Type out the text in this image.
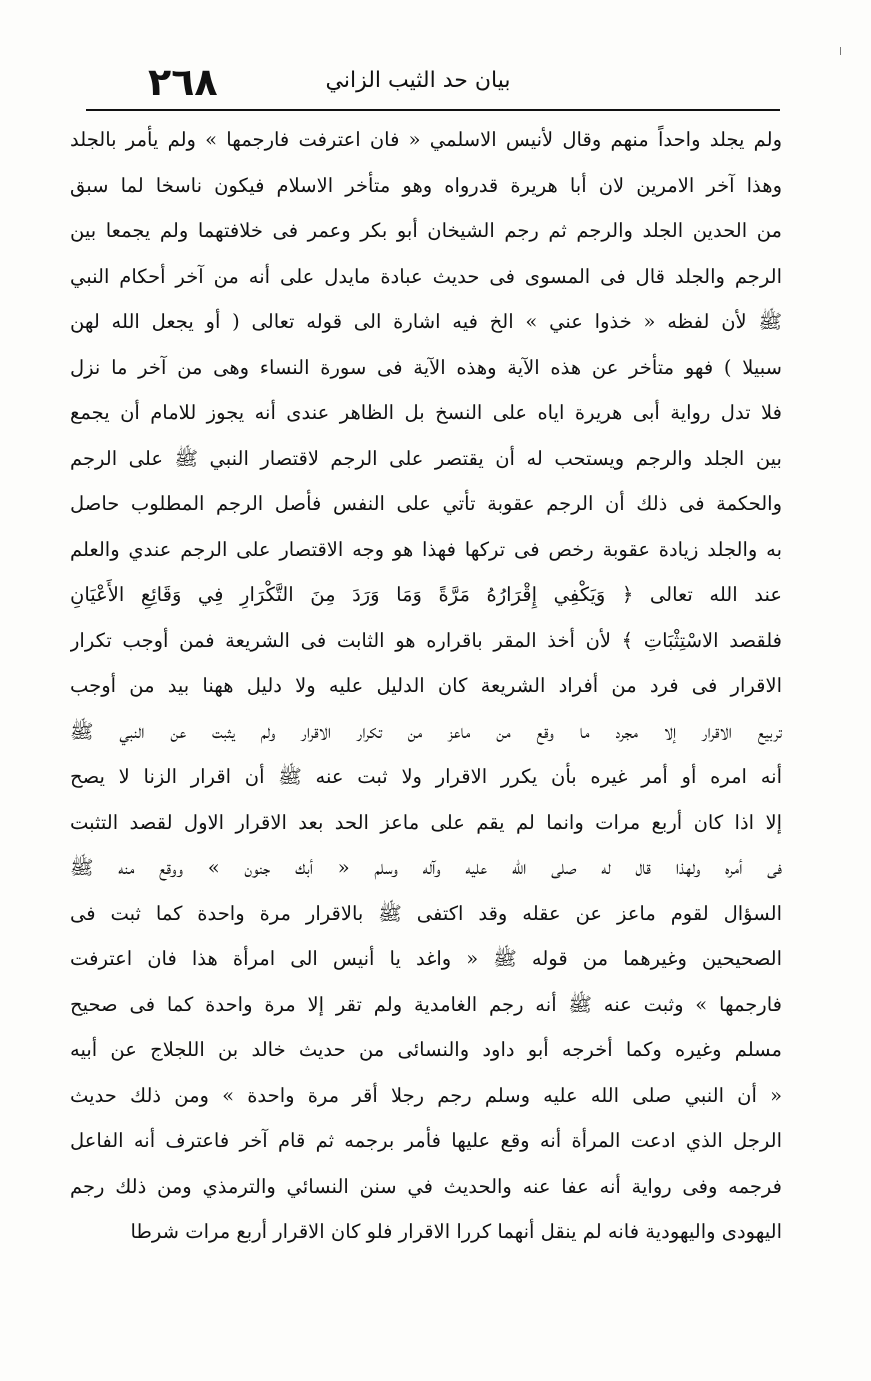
٢٦٨	بيان حد الثيب الزاني
ولم يجلد واحداً منهم وقال لأنيس الاسلمي « فان اعترفت فارجمها » ولم يأمر بالجلد
وهذا آخر الامرين لان أبا هريرة قدرواه وهو متأخر الاسلام فيكون ناسخا لما سبق
من الحدين الجلد والرجم ثم رجم الشيخان أبو بكر وعمر فى خلافتهما ولم يجمعا بين
الرجم والجلد قال فى المسوى فى حديث عبادة مايدل على أنه من آخر أحكام النبي
ﷺ لأن لفظه « خذوا عني » الخ فيه اشارة الى قوله تعالى ( أو يجعل الله لهن
سبيلا ) فهو متأخر عن هذه الآية وهذه الآية فى سورة النساء وهى من آخر ما نزل
فلا تدل رواية أبى هريرة اياه على النسخ بل الظاهر عندى أنه يجوز للامام أن يجمع
بين الجلد والرجم ويستحب له أن يقتصر على الرجم لاقتصار النبي ﷺ على الرجم
والحكمة فى ذلك أن الرجم عقوبة تأتي على النفس فأصل الرجم المطلوب حاصل
به والجلد زيادة عقوبة رخص فى تركها فهذا هو وجه الاقتصار على الرجم عندي والعلم
عند الله تعالى ﴿ وَيَكْفِي إِقْرَارُهُ مَرَّةً وَمَا وَرَدَ مِنَ التَّكْرَارِ فِي وَقَائِعِ الأَعْيَانِ
فلقصد الاسْتِثْبَاتِ ﴾ لأن أخذ المقر باقراره هو الثابت فى الشريعة فمن أوجب تكرار
الاقرار فى فرد من أفراد الشريعة كان الدليل عليه ولا دليل ههنا بيد من أوجب
تربيع الاقرار إلا مجرد ما وقع من ماعز من تكرار الاقرار ولم يثبت عن النبي ﷺ
أنه امره أو أمر غيره بأن يكرر الاقرار ولا ثبت عنه ﷺ أن اقرار الزنا لا يصح
إلا اذا كان أربع مرات وانما لم يقم على ماعز الحد بعد الاقرار الاول لقصد التثبت
فى أمره ولهذا قال له صلى الله عليه وآله وسلم « أبك جنون » ووقع منه ﷺ
السؤال لقوم ماعز عن عقله وقد اكتفى ﷺ بالاقرار مرة واحدة كما ثبت فى
الصحيحين وغيرهما من قوله ﷺ « واغد يا أنيس الى امرأة هذا فان اعترفت
فارجمها » وثبت عنه ﷺ أنه رجم الغامدية ولم تقر إلا مرة واحدة كما فى صحيح
مسلم وغيره وكما أخرجه أبو داود والنسائى من حديث خالد بن اللجلاج عن أبيه
« أن النبي صلى الله عليه وسلم رجم رجلا أقر مرة واحدة » ومن ذلك حديث
الرجل الذي ادعت المرأة أنه وقع عليها فأمر برجمه ثم قام آخر فاعترف أنه الفاعل
فرجمه وفى رواية أنه عفا عنه والحديث في سنن النسائي والترمذي ومن ذلك رجم
اليهودى واليهودية فانه لم ينقل أنهما كررا الاقرار فلو كان الاقرار أربع مرات شرطا
